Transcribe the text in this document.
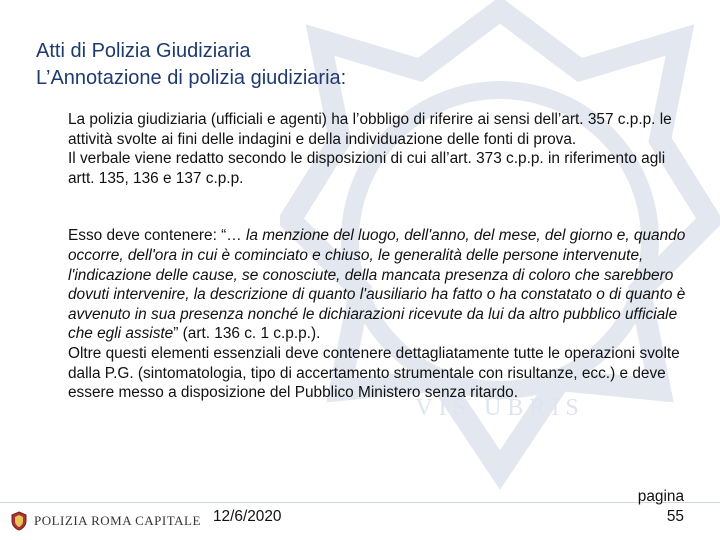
VIS UBRIS
Atti di Polizia Giudiziaria
L’Annotazione di polizia giudiziaria:

La polizia giudiziaria (ufficiali e agenti) ha l’obbligo di riferire ai sensi dell’art. 357 c.p.p. le attività svolte ai fini delle indagini e della individuazione delle fonti di prova.

Il verbale viene redatto secondo le disposizioni di cui all’art. 373 c.p.p. in riferimento agli artt. 135, 136 e 137 c.p.p.

Esso deve contenere: “… la menzione del luogo, dell'anno, del mese, del giorno e, quando occorre, dell'ora in cui è cominciato e chiuso, le generalità delle persone intervenute, l'indicazione delle cause, se conosciute, della mancata presenza di coloro che sarebbero dovuti intervenire, la descrizione di quanto l'ausiliario ha fatto o ha constatato o di quanto è avvenuto in sua presenza nonché le dichiarazioni ricevute da lui da altro pubblico ufficiale che egli assiste” (art. 136 c. 1 c.p.p.).

Oltre questi elementi essenziali deve contenere dettagliatamente tutte le operazioni svolte dalla P.G. (sintomatologia, tipo di accertamento strumentale con risultanze, ecc.) e deve essere messo a disposizione del Pubblico Ministero senza ritardo.

POLIZIA ROMA CAPITALE 12/6/2020
pagina
55
